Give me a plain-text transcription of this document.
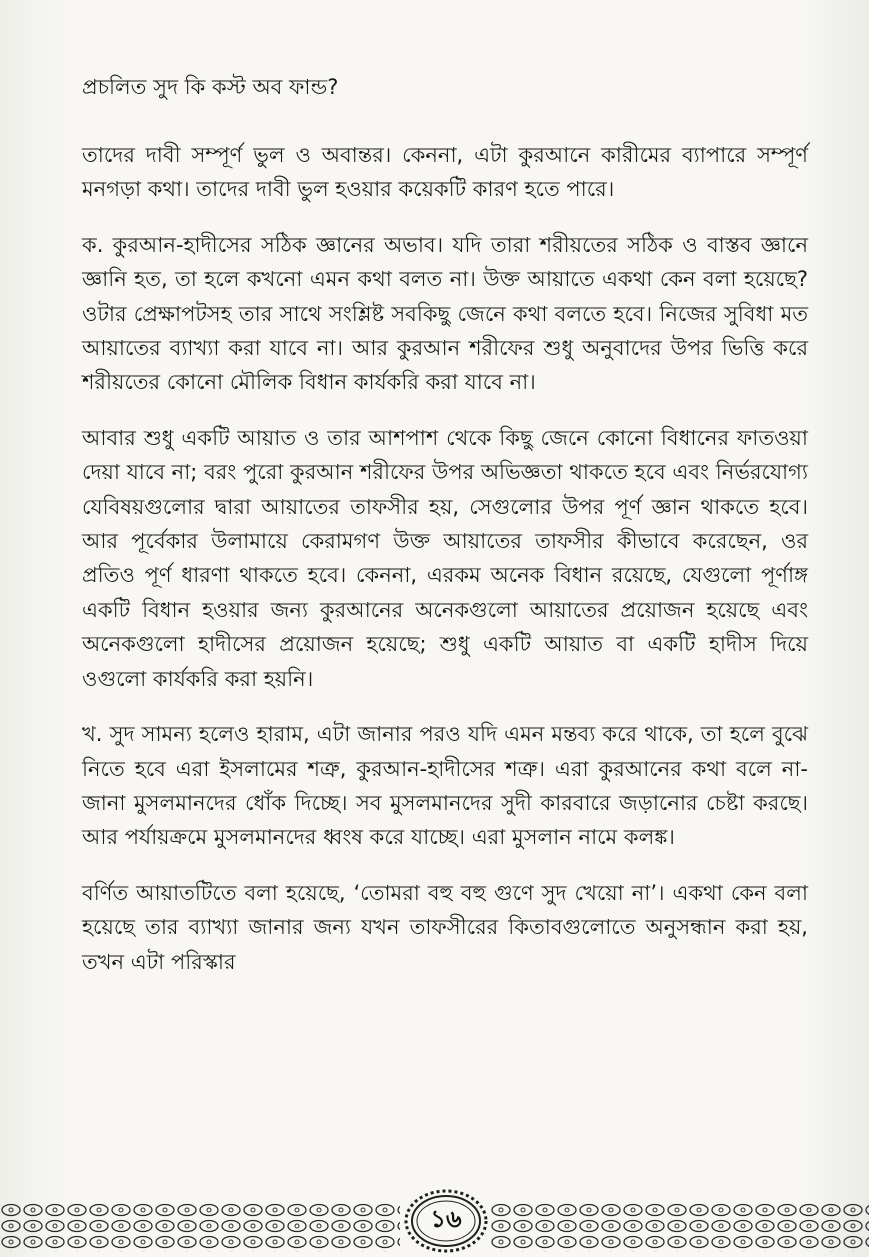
প্রচলিত সুদ কি কস্ট অব ফান্ড?

তাদের দাবী সম্পূর্ণ ভুল ও অবান্তর। কেননা, এটা কুরআনে কারীমের ব্যাপারে সম্পূর্ণ মনগড়া কথা। তাদের দাবী ভুল হওয়ার কয়েকটি কারণ হতে পারে।

ক. কুরআন-হাদীসের সঠিক জ্ঞানের অভাব। যদি তারা শরীয়তের সঠিক ও বাস্তব জ্ঞানে জ্ঞানি হত, তা হলে কখনো এমন কথা বলত না। উক্ত আয়াতে একথা কেন বলা হয়েছে? ওটার প্রেক্ষাপটসহ তার সাথে সংশ্লিষ্ট সবকিছু জেনে কথা বলতে হবে। নিজের সুবিধা মত আয়াতের ব্যাখ্যা করা যাবে না। আর কুরআন শরীফের শুধু অনুবাদের উপর ভিত্তি করে শরীয়তের কোনো মৌলিক বিধান কার্যকরি করা যাবে না।

আবার শুধু একটি আয়াত ও তার আশপাশ থেকে কিছু জেনে কোনো বিধানের ফাতওয়া দেয়া যাবে না; বরং পুরো কুরআন শরীফের উপর অভিজ্ঞতা থাকতে হবে এবং নির্ভরযোগ্য যেবিষয়গুলোর দ্বারা আয়াতের তাফসীর হয়, সেগুলোর উপর পূর্ণ জ্ঞান থাকতে হবে। আর পূর্বেকার উলামায়ে কেরামগণ উক্ত আয়াতের তাফসীর কীভাবে করেছেন, ওর প্রতিও পূর্ণ ধারণা থাকতে হবে। কেননা, এরকম অনেক বিধান রয়েছে, যেগুলো পূর্ণাঙ্গ একটি বিধান হওয়ার জন্য কুরআনের অনেকগুলো আয়াতের প্রয়োজন হয়েছে এবং অনেকগুলো হাদীসের প্রয়োজন হয়েছে; শুধু একটি আয়াত বা একটি হাদীস দিয়ে ওগুলো কার্যকরি করা হয়নি।

খ. সুদ সামন্য হলেও হারাম, এটা জানার পরও যদি এমন মন্তব্য করে থাকে, তা হলে বুঝে নিতে হবে এরা ইসলামের শত্রু, কুরআন-হাদীসের শত্রু। এরা কুরআনের কথা বলে না-জানা মুসলমানদের ধোঁক দিচ্ছে। সব মুসলমানদের সুদী কারবারে জড়ানোর চেষ্টা করছে। আর পর্যায়ক্রমে মুসলমানদের ধ্বংষ করে যাচ্ছে। এরা মুসলান নামে কলঙ্ক।

বর্ণিত আয়াতটিতে বলা হয়েছে, ‘তোমরা বহু বহু গুণে সুদ খেয়ো না’। একথা কেন বলা হয়েছে তার ব্যাখ্যা জানার জন্য যখন তাফসীরের কিতাবগুলোতে অনুসন্ধান করা হয়, তখন এটা পরিস্কার

১৬
